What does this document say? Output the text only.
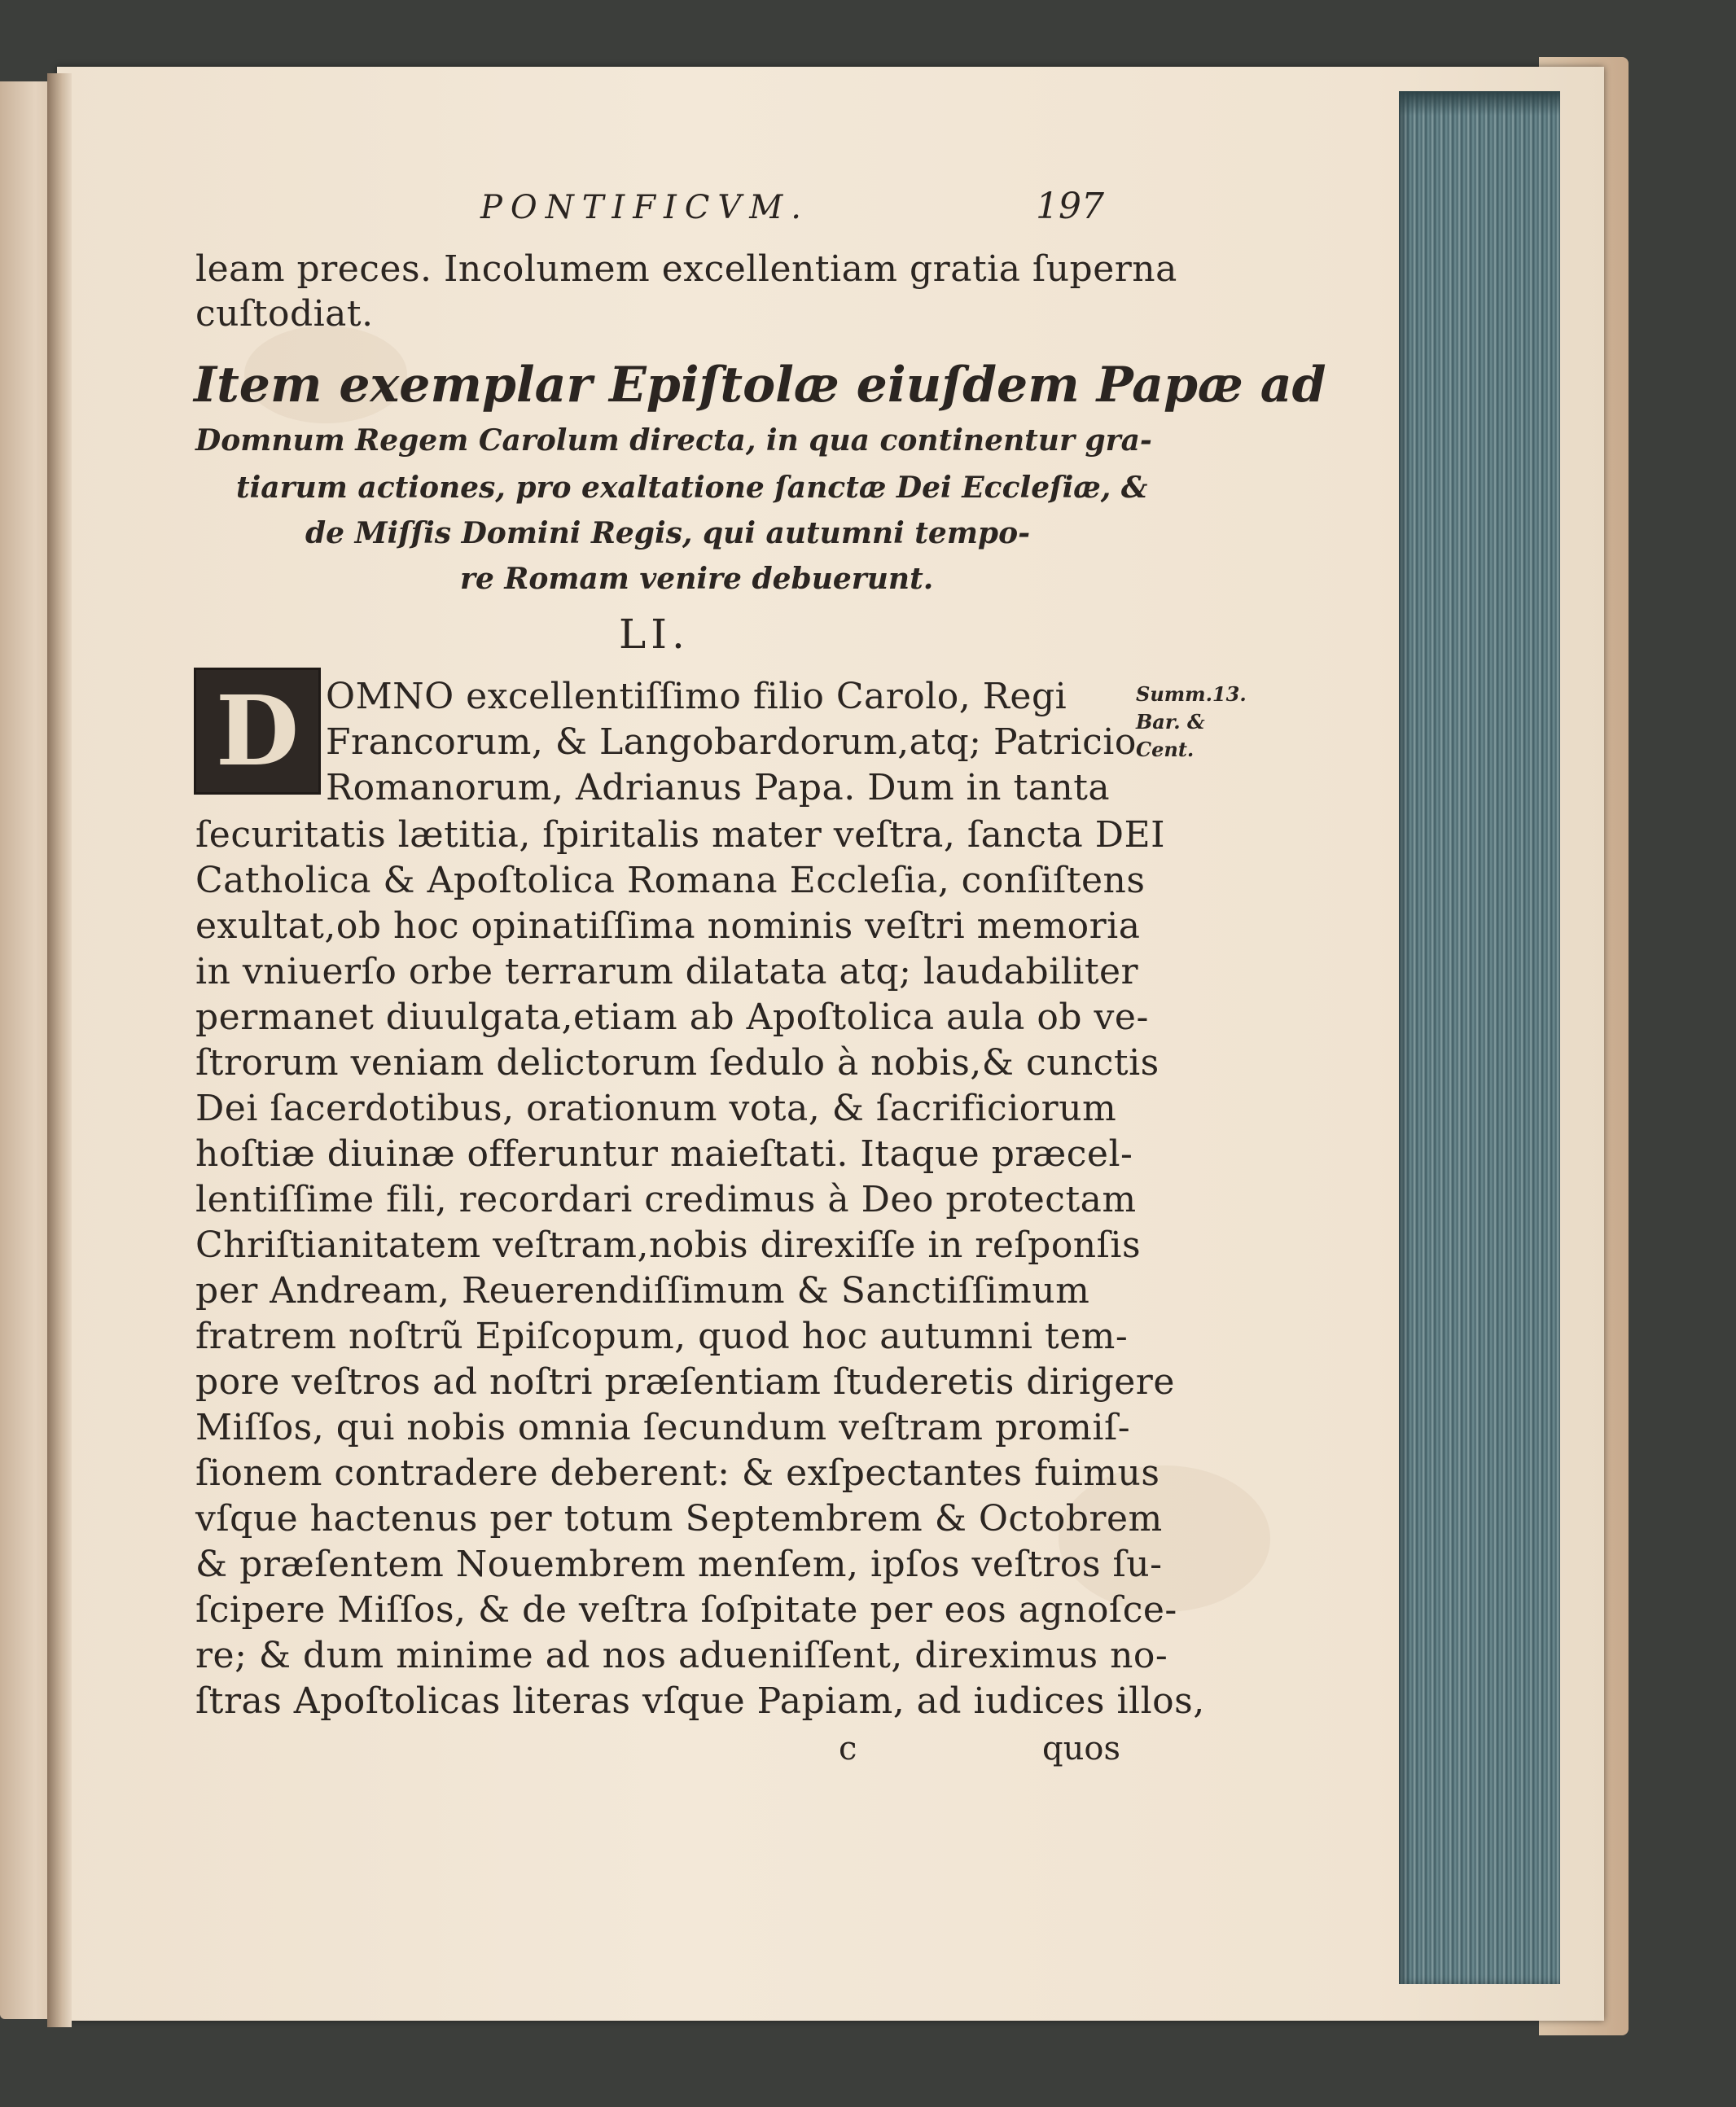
PONTIFICVM.	197
leam preces. Incolumem excellentiam gratia ſuperna
cuſtodiat.
Item exemplar Epiſtolæ eiuſdem Papæ ad
Domnum Regem Carolum directa, in qua continentur gra-
tiarum actiones, pro exaltatione ſanctæ Dei Eccleſiæ, &
de Miſſis Domini Regis, qui autumni tempo-
re Romam venire debuerunt.
LI.
D OMNO excellentiſſimo filio Carolo, Regi
Francorum, & Langobardorum,atq; Patricio
Romanorum, Adrianus Papa. Dum in tanta
ſecuritatis lætitia, ſpiritalis mater veſtra, ſancta DEI
Catholica & Apoſtolica Romana Eccleſia, conſiſtens
exultat,ob hoc opinatiſſima nominis veſtri memoria
in vniuerſo orbe terrarum dilatata atq; laudabiliter
permanet diuulgata,etiam ab Apoſtolica aula ob ve-
ſtrorum veniam delictorum ſedulo à nobis,& cunctis
Dei ſacerdotibus, orationum vota, & ſacrificiorum
hoſtiæ diuinæ offeruntur maieſtati. Itaque præcel-
lentiſſime fili, recordari credimus à Deo protectam
Chriſtianitatem veſtram,nobis direxiſſe in reſponſis
per Andream, Reuerendiſſimum & Sanctiſſimum
fratrem noſtrũ Epiſcopum, quod hoc autumni tem-
pore veſtros ad noſtri præſentiam ſtuderetis dirigere
Miſſos, qui nobis omnia ſecundum veſtram promiſ-
ſionem contradere deberent: & exſpectantes fuimus
vſque hactenus per totum Septembrem & Octobrem
& præſentem Nouembrem menſem, ipſos veſtros ſu-
ſcipere Miſſos, & de veſtra ſoſpitate per eos agnoſce-
re; & dum minime ad nos adueniſſent, direximus no-
ſtras Apoſtolicas literas vſque Papiam, ad iudices illos,
c	quos
Summ.13.
Bar. &
Cent.
